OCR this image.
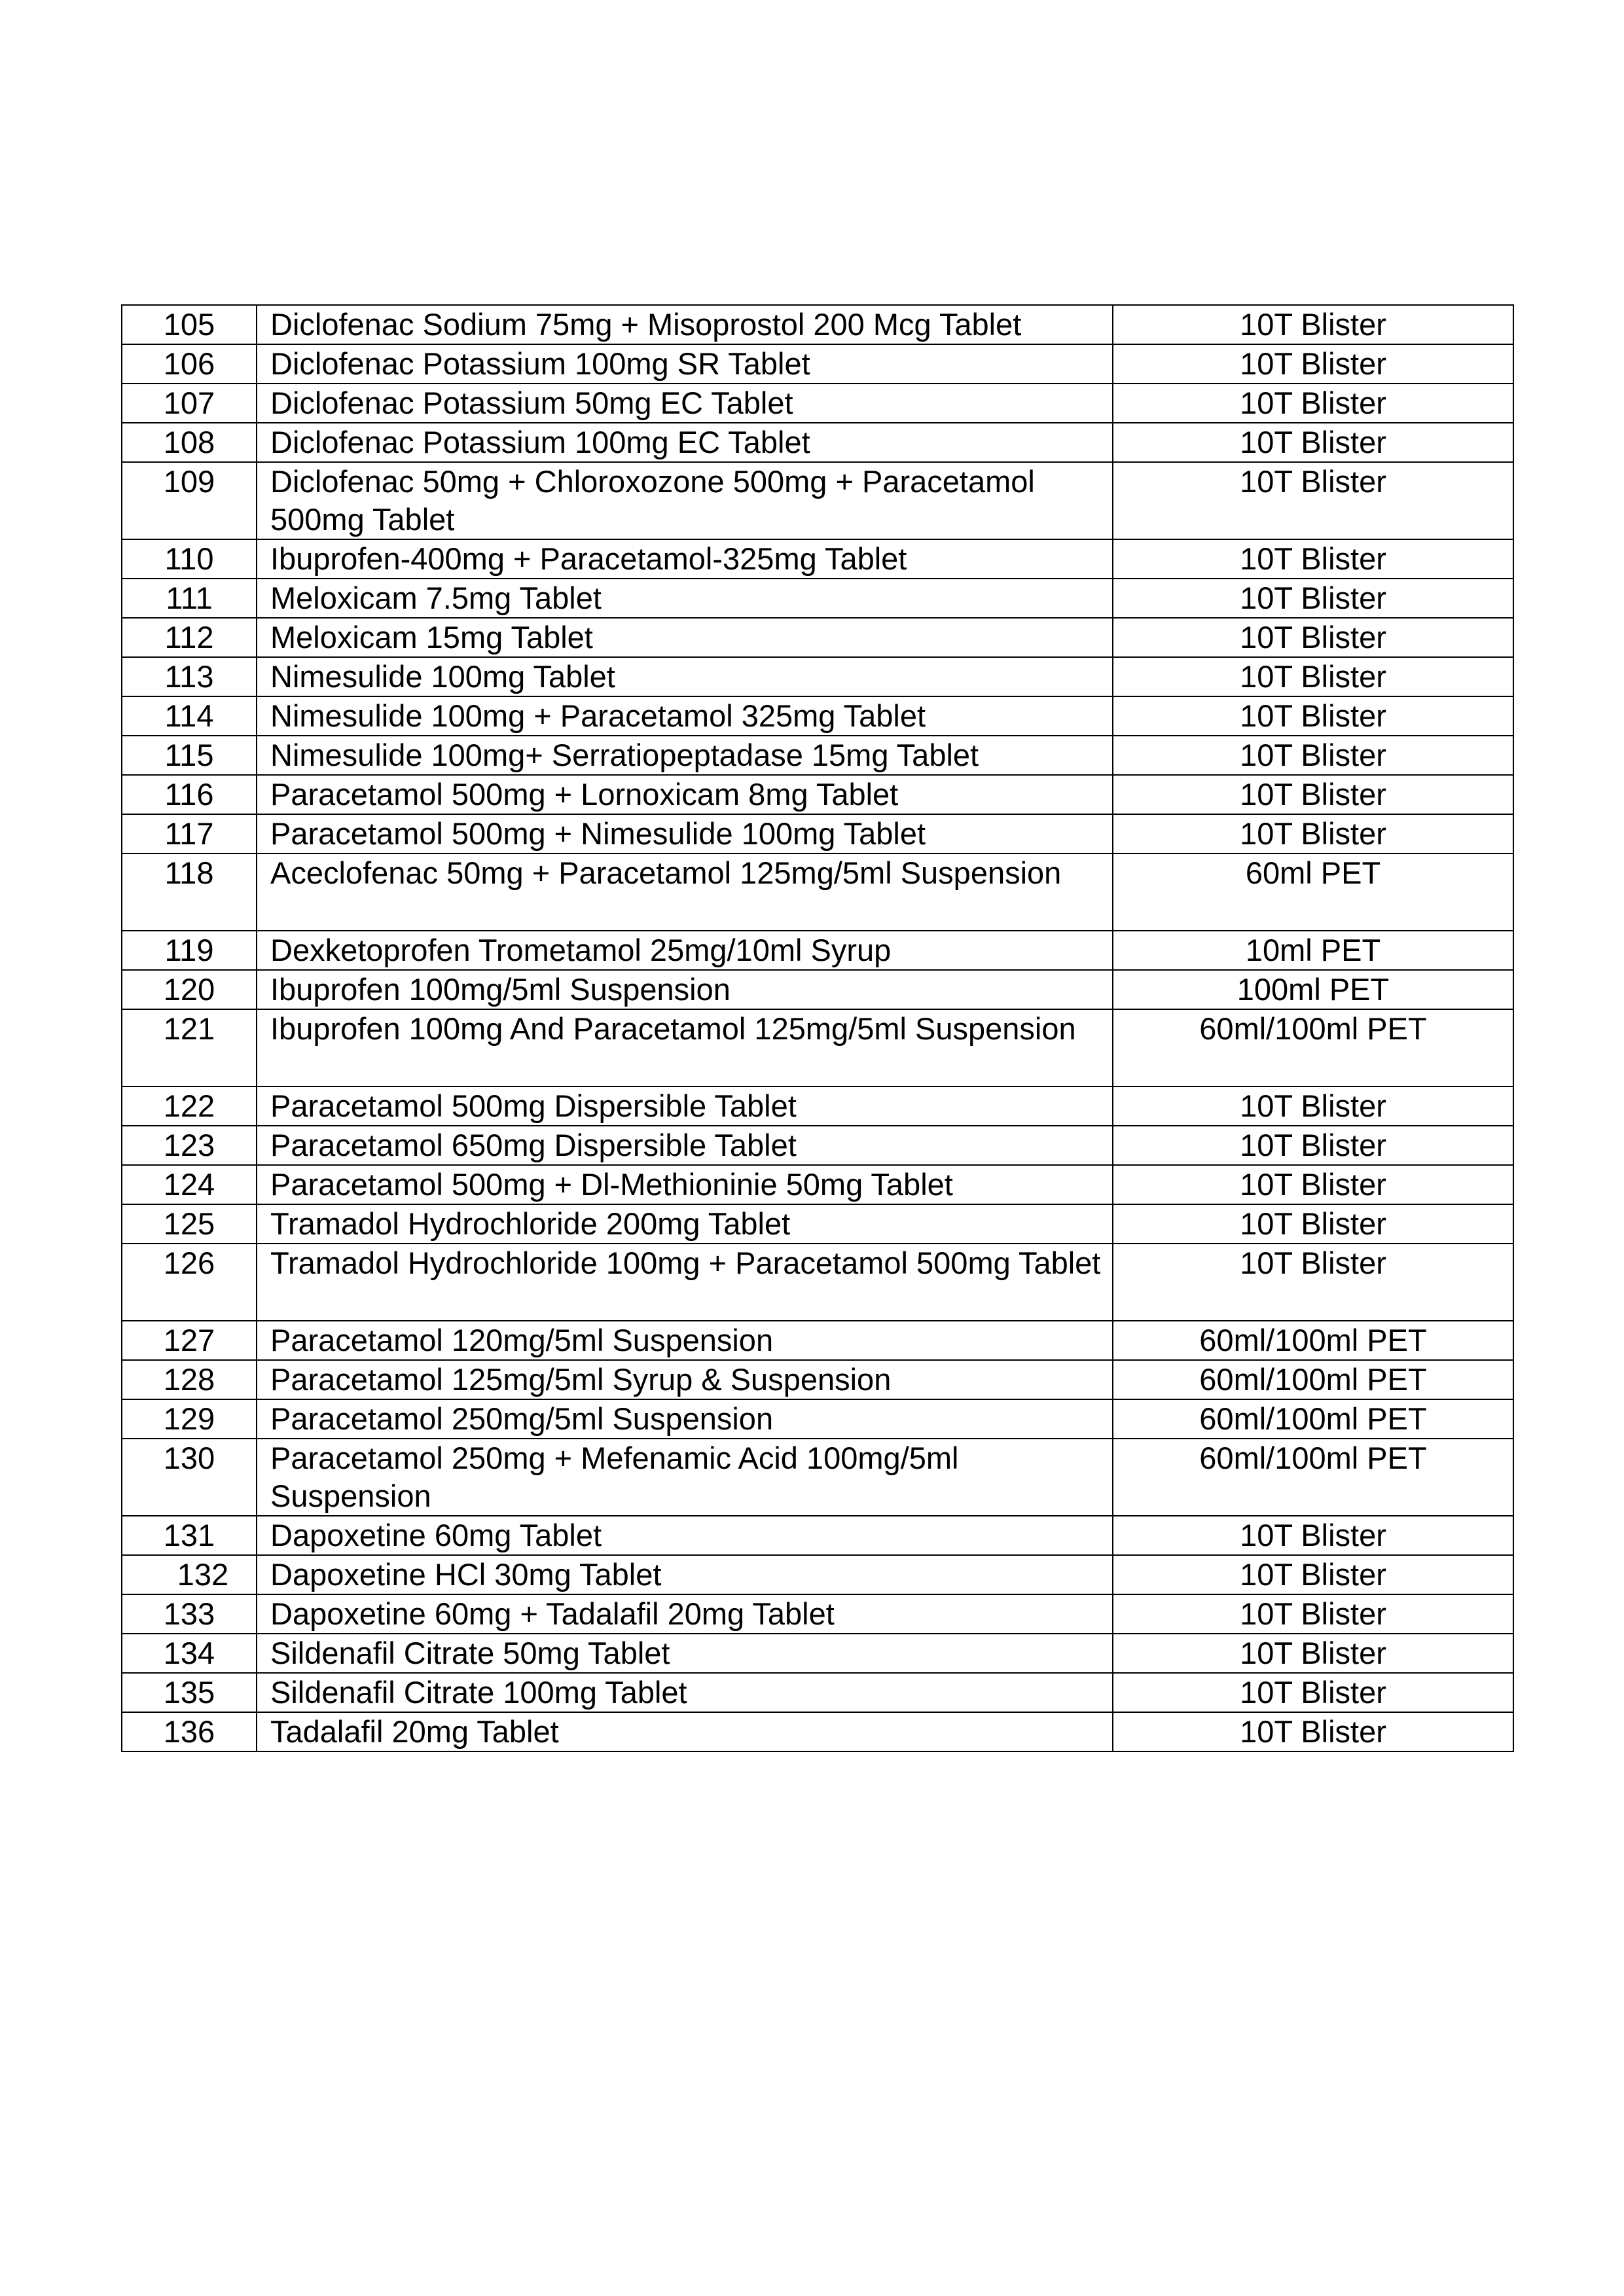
105	Diclofenac Sodium 75mg + Misoprostol 200 Mcg Tablet	10T Blister
106	Diclofenac Potassium 100mg SR Tablet	10T Blister
107	Diclofenac Potassium 50mg EC Tablet	10T Blister
108	Diclofenac Potassium 100mg EC Tablet	10T Blister
109	Diclofenac 50mg + Chloroxozone 500mg + Paracetamol 500mg Tablet	10T Blister
110	Ibuprofen-400mg + Paracetamol-325mg Tablet	10T Blister
111	Meloxicam 7.5mg Tablet	10T Blister
112	Meloxicam 15mg Tablet	10T Blister
113	Nimesulide 100mg Tablet	10T Blister
114	Nimesulide 100mg + Paracetamol 325mg Tablet	10T Blister
115	Nimesulide 100mg+ Serratiopeptadase 15mg Tablet	10T Blister
116	Paracetamol 500mg + Lornoxicam 8mg Tablet	10T Blister
117	Paracetamol 500mg + Nimesulide 100mg Tablet	10T Blister
118	Aceclofenac 50mg + Paracetamol 125mg/5ml Suspension	60ml PET
119	Dexketoprofen Trometamol 25mg/10ml Syrup	10ml PET
120	Ibuprofen 100mg/5ml Suspension	100ml PET
121	Ibuprofen 100mg And Paracetamol 125mg/5ml Suspension	60ml/100ml PET
122	Paracetamol 500mg Dispersible Tablet	10T Blister
123	Paracetamol 650mg Dispersible Tablet	10T Blister
124	Paracetamol 500mg + Dl-Methioninie 50mg Tablet	10T Blister
125	Tramadol Hydrochloride 200mg Tablet	10T Blister
126	Tramadol Hydrochloride 100mg + Paracetamol 500mg Tablet	10T Blister
127	Paracetamol 120mg/5ml Suspension	60ml/100ml PET
128	Paracetamol 125mg/5ml Syrup & Suspension	60ml/100ml PET
129	Paracetamol 250mg/5ml Suspension	60ml/100ml PET
130	Paracetamol 250mg + Mefenamic Acid 100mg/5ml Suspension	60ml/100ml PET
131	Dapoxetine 60mg Tablet	10T Blister
132	Dapoxetine HCl 30mg Tablet	10T Blister
133	Dapoxetine 60mg + Tadalafil 20mg Tablet	10T Blister
134	Sildenafil Citrate 50mg Tablet	10T Blister
135	Sildenafil Citrate 100mg Tablet	10T Blister
136	Tadalafil 20mg Tablet	10T Blister
